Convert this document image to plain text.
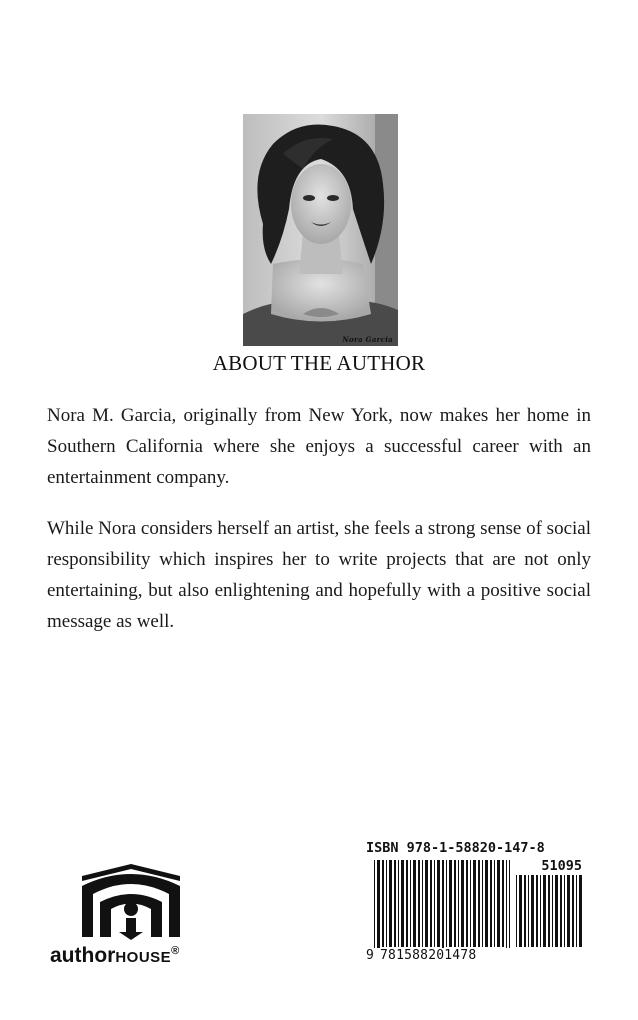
Nora Garcia
ABOUT THE AUTHOR

Nora M. Garcia, originally from New York, now makes her home in Southern California where she enjoys a successful career with an entertainment company.

While Nora considers herself an artist, she feels a strong sense of social responsibility which inspires her to write projects that are not only entertaining, but also enlightening and hopefully with a positive social message as well.

authorHOUSE®
ISBN 978-1-58820-147-8
51095
9 781588201478
